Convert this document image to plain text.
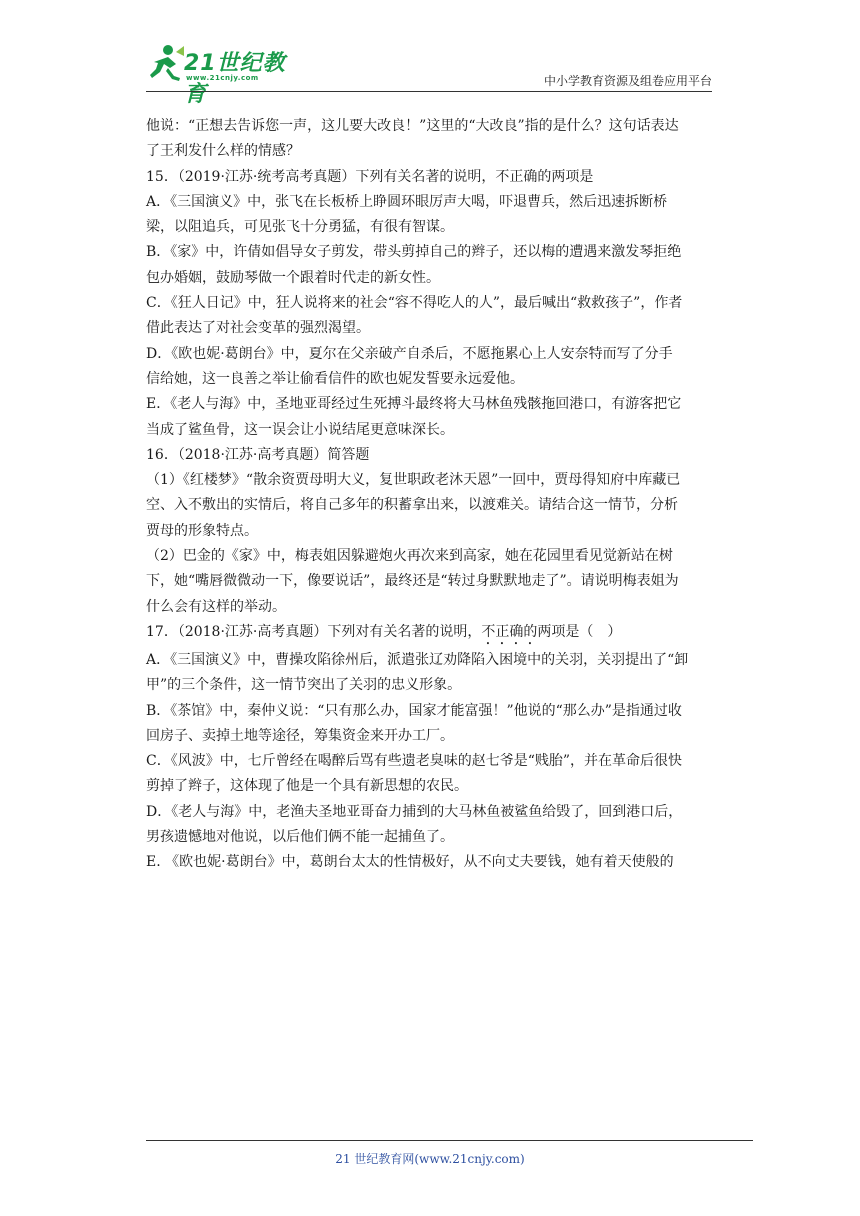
21世纪教育
www.21cnjy.com	中小学教育资源及组卷应用平台

他说：“正想去告诉您一声，这儿要大改良！”这里的“大改良”指的是什么？这句话表达

了王利发什么样的情感？

15．（2019·江苏·统考高考真题）下列有关名著的说明，不正确的两项是

A．《三国演义》中，张飞在长板桥上睁圆环眼厉声大喝，吓退曹兵，然后迅速拆断桥

梁，以阻追兵，可见张飞十分勇猛，有很有智谋。

B．《家》中，许倩如倡导女子剪发，带头剪掉自己的辫子，还以梅的遭遇来激发琴拒绝

包办婚姻，鼓励琴做一个跟着时代走的新女性。

C．《狂人日记》中，狂人说将来的社会“容不得吃人的人”，最后喊出“救救孩子”，作者

借此表达了对社会变革的强烈渴望。

D．《欧也妮·葛朗台》中，夏尔在父亲破产自杀后，不愿拖累心上人安奈特而写了分手

信给她，这一良善之举让偷看信件的欧也妮发誓要永远爱他。

E．《老人与海》中，圣地亚哥经过生死搏斗最终将大马林鱼残骸拖回港口，有游客把它

当成了鲨鱼骨，这一误会让小说结尾更意味深长。

16．（2018·江苏·高考真题）简答题

（1）《红楼梦》“散余资贾母明大义，复世职政老沐天恩”一回中，贾母得知府中库藏已

空、入不敷出的实情后，将自己多年的积蓄拿出来，以渡难关。请结合这一情节，分析

贾母的形象特点。

（2）巴金的《家》中，梅表姐因躲避炮火再次来到高家，她在花园里看见觉新站在树

下，她“嘴唇微微动一下，像要说话”，最终还是“转过身默默地走了”。请说明梅表姐为

什么会有这样的举动。

17．（2018·江苏·高考真题）下列对有关名著的说明，不正确的两项是（　）

A．《三国演义》中，曹操攻陷徐州后，派遣张辽劝降陷入困境中的关羽，关羽提出了“卸

甲”的三个条件，这一情节突出了关羽的忠义形象。

B．《茶馆》中，秦仲义说：“只有那么办，国家才能富强！”他说的“那么办”是指通过收

回房子、卖掉土地等途径，筹集资金来开办工厂。

C．《风波》中，七斤曾经在喝醉后骂有些遗老臭味的赵七爷是“贱胎”，并在革命后很快

剪掉了辫子，这体现了他是一个具有新思想的农民。

D．《老人与海》中，老渔夫圣地亚哥奋力捕到的大马林鱼被鲨鱼给毁了，回到港口后，

男孩遗憾地对他说，以后他们俩不能一起捕鱼了。

E. 《欧也妮·葛朗台》中，葛朗台太太的性情极好，从不向丈夫要钱，她有着天使般的

21 世纪教育网(www.21cnjy.com)
